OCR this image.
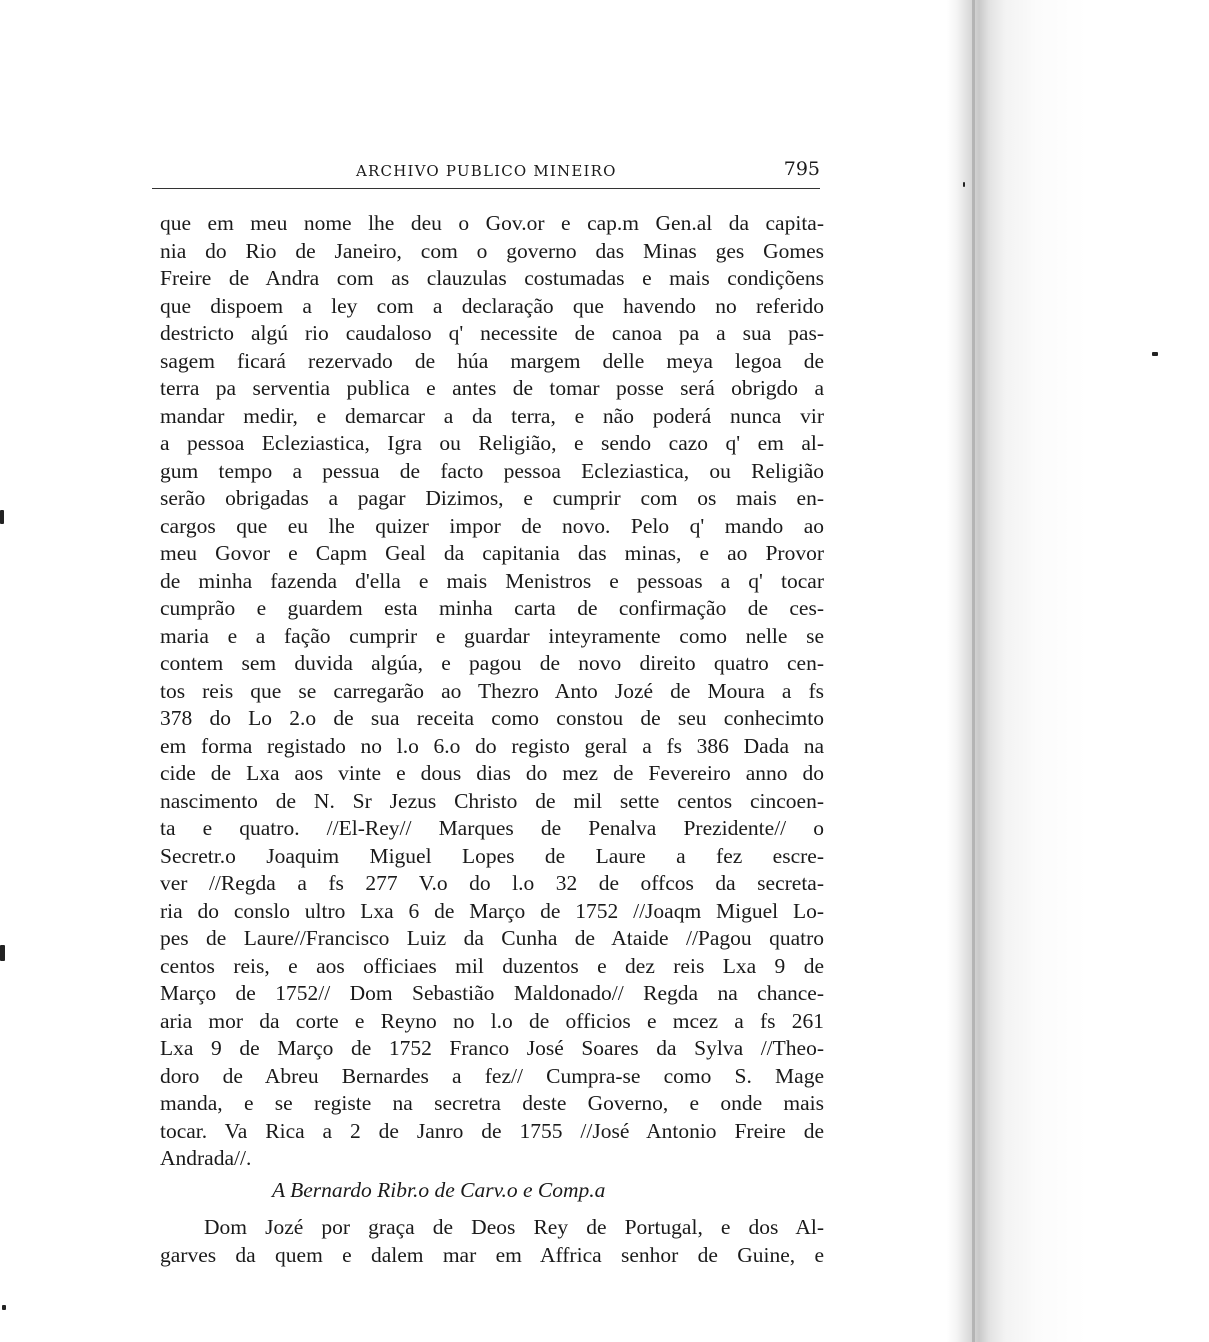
ARCHIVO PUBLICO MINEIRO	795
que em meu nome lhe deu o Gov.or e cap.m Gen.al da capita-
nia do Rio de Janeiro, com o governo das Minas ges Gomes
Freire de Andra com as clauzulas costumadas e mais condiçõens
que dispoem a ley com a declaração que havendo no referido
destricto algú rio caudaloso q' necessite de canoa pa a sua pas-
sagem ficará rezervado de húa margem delle meya legoa de
terra pa serventia publica e antes de tomar posse será obrigdo a
mandar medir, e demarcar a da terra, e não poderá nunca vir
a pessoa Ecleziastica, Igra ou Religião, e sendo cazo q' em al-
gum tempo a pessua de facto pessoa Ecleziastica, ou Religião
serão obrigadas a pagar Dizimos, e cumprir com os mais en-
cargos que eu lhe quizer impor de novo. Pelo q' mando ao
meu Govor e Capm Geal da capitania das minas, e ao Provor
de minha fazenda d'ella e mais Menistros e pessoas a q' tocar
cumprão e guardem esta minha carta de confirmação de ces-
maria e a fação cumprir e guardar inteyramente como nelle se
contem sem duvida algúa, e pagou de novo direito quatro cen-
tos reis que se carregarão ao Thezro Anto Jozé de Moura a fs
378 do Lo 2.o de sua receita como constou de seu conhecimto
em forma registado no l.o 6.o do registo geral a fs 386 Dada na
cide de Lxa aos vinte e dous dias do mez de Fevereiro anno do
nascimento de N. Sr Jezus Christo de mil sette centos cincoen-
ta e quatro. //El-Rey// Marques de Penalva Prezidente// o
Secretr.o Joaquim Miguel Lopes de Laure a fez escre-
ver //Regda a fs 277 V.o do l.o 32 de offcos da secreta-
ria do conslo ultro Lxa 6 de Março de 1752 //Joaqm Miguel Lo-
pes de Laure//Francisco Luiz da Cunha de Ataide //Pagou quatro
centos reis, e aos officiaes mil duzentos e dez reis Lxa 9 de
Março de 1752// Dom Sebastião Maldonado// Regda na chance-
aria mor da corte e Reyno no l.o de officios e mcez a fs 261
Lxa 9 de Março de 1752 Franco José Soares da Sylva //Theo-
doro de Abreu Bernardes a fez// Cumpra-se como S. Mage
manda, e se registe na secretra deste Governo, e onde mais
tocar. Va Rica a 2 de Janro de 1755 //José Antonio Freire de
Andrada//.
A Bernardo Ribr.o de Carv.o e Comp.a
Dom Jozé por graça de Deos Rey de Portugal, e dos Al-
garves da quem e dalem mar em Affrica senhor de Guine, e
